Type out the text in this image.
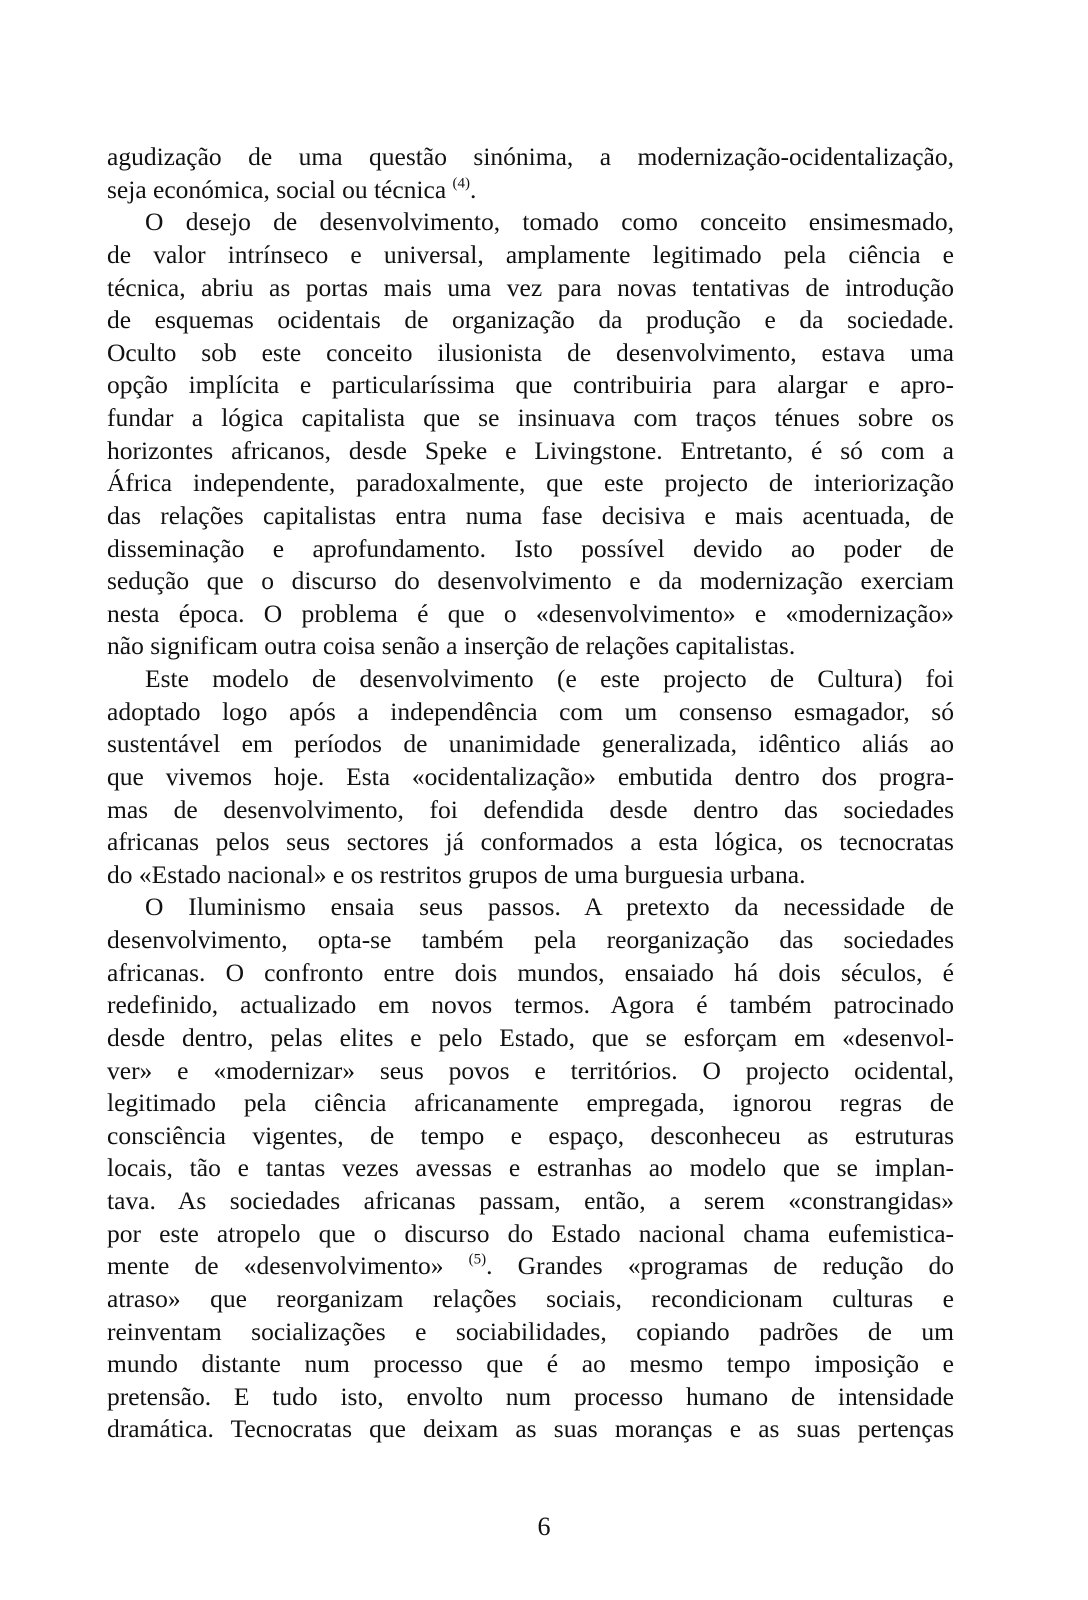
agudização de uma questão sinónima, a modernização-ocidentalização,
seja económica, social ou técnica $^{(4)}$.
O desejo de desenvolvimento, tomado como conceito ensimesmado,
de valor intrínseco e universal, amplamente legitimado pela ciência e
técnica, abriu as portas mais uma vez para novas tentativas de introdução
de esquemas ocidentais de organização da produção e da sociedade.
Oculto sob este conceito ilusionista de desenvolvimento, estava uma
opção implícita e particularíssima que contribuiria para alargar e apro-
fundar a lógica capitalista que se insinuava com traços ténues sobre os
horizontes africanos, desde Speke e Livingstone. Entretanto, é só com a
África independente, paradoxalmente, que este projecto de interiorização
das relações capitalistas entra numa fase decisiva e mais acentuada, de
disseminação e aprofundamento. Isto possível devido ao poder de
sedução que o discurso do desenvolvimento e da modernização exerciam
nesta época. O problema é que o «desenvolvimento» e «modernização»
não significam outra coisa senão a inserção de relações capitalistas.
Este modelo de desenvolvimento (e este projecto de Cultura) foi
adoptado logo após a independência com um consenso esmagador, só
sustentável em períodos de unanimidade generalizada, idêntico aliás ao
que vivemos hoje. Esta «ocidentalização» embutida dentro dos progra-
mas de desenvolvimento, foi defendida desde dentro das sociedades
africanas pelos seus sectores já conformados a esta lógica, os tecnocratas
do «Estado nacional» e os restritos grupos de uma burguesia urbana.
O Iluminismo ensaia seus passos. A pretexto da necessidade de
desenvolvimento, opta-se também pela reorganização das sociedades
africanas. O confronto entre dois mundos, ensaiado há dois séculos, é
redefinido, actualizado em novos termos. Agora é também patrocinado
desde dentro, pelas elites e pelo Estado, que se esforçam em «desenvol-
ver» e «modernizar» seus povos e territórios. O projecto ocidental,
legitimado pela ciência africanamente empregada, ignorou regras de
consciência vigentes, de tempo e espaço, desconheceu as estruturas
locais, tão e tantas vezes avessas e estranhas ao modelo que se implan-
tava. As sociedades africanas passam, então, a serem «constrangidas»
por este atropelo que o discurso do Estado nacional chama eufemistica-
mente de «desenvolvimento» $^{(5)}$. Grandes «programas de redução do
atraso» que reorganizam relações sociais, recondicionam culturas e
reinventam socializações e sociabilidades, copiando padrões de um
mundo distante num processo que é ao mesmo tempo imposição e
pretensão. E tudo isto, envolto num processo humano de intensidade
dramática. Tecnocratas que deixam as suas moranças e as suas pertenças
6
